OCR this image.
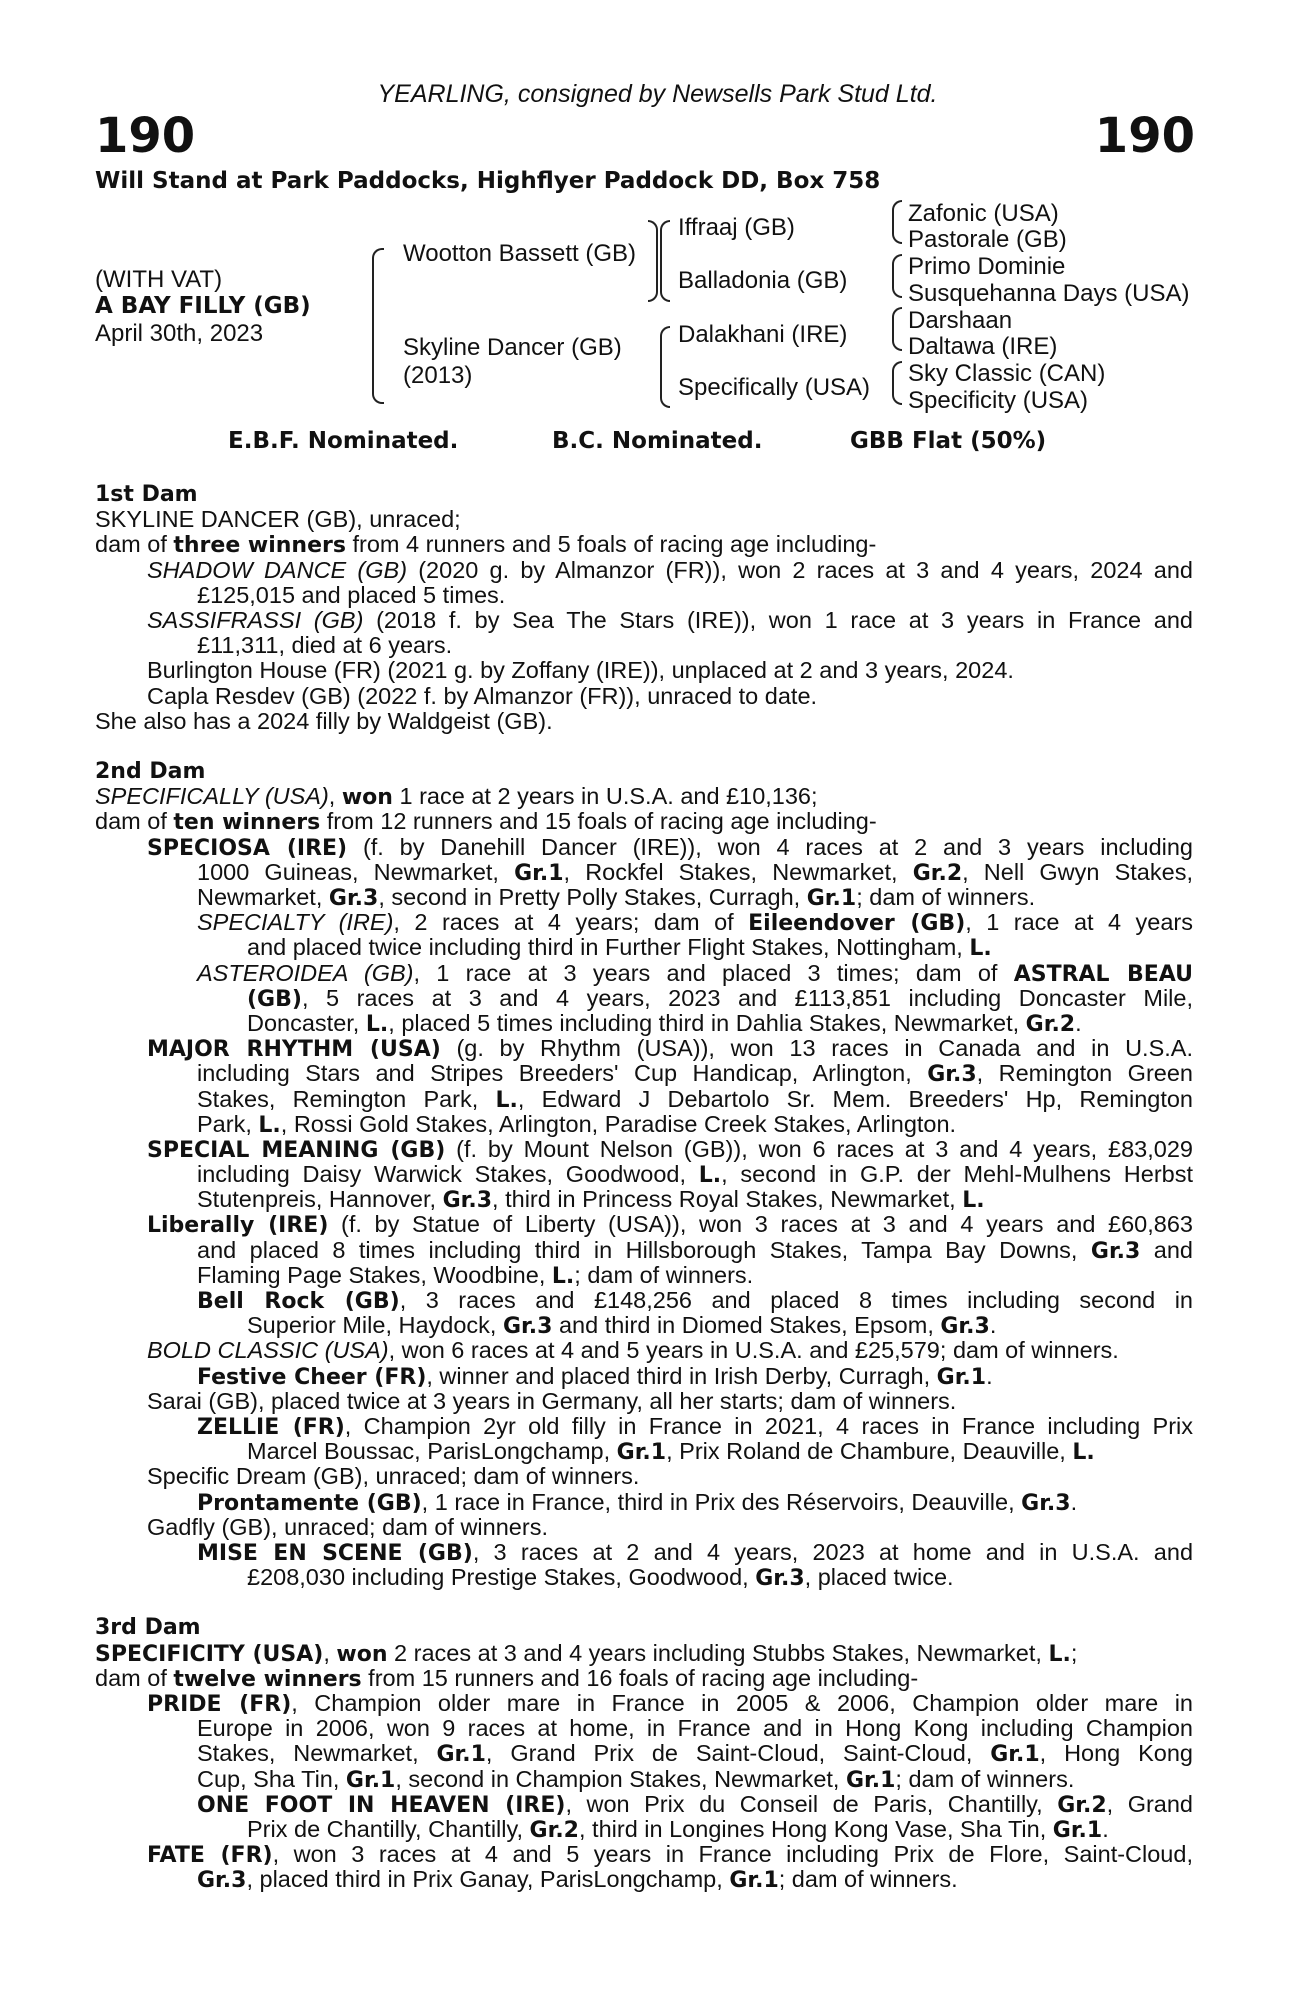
YEARLING, consigned by Newsells Park Stud Ltd.
190	190
Will Stand at Park Paddocks, Highflyer Paddock DD, Box 758
(WITH VAT)
A BAY FILLY (GB)
April 30th, 2023
Wootton Bassett (GB)
Skyline Dancer (GB)
(2013)
Iffraaj (GB)
Balladonia (GB)
Dalakhani (IRE)
Specifically (USA)
Zafonic (USA)
Pastorale (GB)
Primo Dominie
Susquehanna Days (USA)
Darshaan
Daltawa (IRE)
Sky Classic (CAN)
Specificity (USA)
E.B.F. Nominated.	B.C. Nominated.	GBB Flat (50%)
1st Dam
SKYLINE DANCER (GB), unraced;
dam of three winners from 4 runners and 5 foals of racing age including-
SHADOW DANCE (GB) (2020 g. by Almanzor (FR)), won 2 races at 3 and 4 years, 2024 and
£125,015 and placed 5 times.
SASSIFRASSI (GB) (2018 f. by Sea The Stars (IRE)), won 1 race at 3 years in France and
£11,311, died at 6 years.
Burlington House (FR) (2021 g. by Zoffany (IRE)), unplaced at 2 and 3 years, 2024.
Capla Resdev (GB) (2022 f. by Almanzor (FR)), unraced to date.
She also has a 2024 filly by Waldgeist (GB).
2nd Dam
SPECIFICALLY (USA), won 1 race at 2 years in U.S.A. and £10,136;
dam of ten winners from 12 runners and 15 foals of racing age including-
SPECIOSA (IRE) (f. by Danehill Dancer (IRE)), won 4 races at 2 and 3 years including
1000 Guineas, Newmarket, Gr.1, Rockfel Stakes, Newmarket, Gr.2, Nell Gwyn Stakes,
Newmarket, Gr.3, second in Pretty Polly Stakes, Curragh, Gr.1; dam of winners.
SPECIALTY (IRE), 2 races at 4 years; dam of Eileendover (GB), 1 race at 4 years
and placed twice including third in Further Flight Stakes, Nottingham, L.
ASTEROIDEA (GB), 1 race at 3 years and placed 3 times; dam of ASTRAL BEAU
(GB), 5 races at 3 and 4 years, 2023 and £113,851 including Doncaster Mile,
Doncaster, L., placed 5 times including third in Dahlia Stakes, Newmarket, Gr.2.
MAJOR RHYTHM (USA) (g. by Rhythm (USA)), won 13 races in Canada and in U.S.A.
including Stars and Stripes Breeders' Cup Handicap, Arlington, Gr.3, Remington Green
Stakes, Remington Park, L., Edward J Debartolo Sr. Mem. Breeders' Hp, Remington
Park, L., Rossi Gold Stakes, Arlington, Paradise Creek Stakes, Arlington.
SPECIAL MEANING (GB) (f. by Mount Nelson (GB)), won 6 races at 3 and 4 years, £83,029
including Daisy Warwick Stakes, Goodwood, L., second in G.P. der Mehl-Mulhens Herbst
Stutenpreis, Hannover, Gr.3, third in Princess Royal Stakes, Newmarket, L.
Liberally (IRE) (f. by Statue of Liberty (USA)), won 3 races at 3 and 4 years and £60,863
and placed 8 times including third in Hillsborough Stakes, Tampa Bay Downs, Gr.3 and
Flaming Page Stakes, Woodbine, L.; dam of winners.
Bell Rock (GB), 3 races and £148,256 and placed 8 times including second in
Superior Mile, Haydock, Gr.3 and third in Diomed Stakes, Epsom, Gr.3.
BOLD CLASSIC (USA), won 6 races at 4 and 5 years in U.S.A. and £25,579; dam of winners.
Festive Cheer (FR), winner and placed third in Irish Derby, Curragh, Gr.1.
Sarai (GB), placed twice at 3 years in Germany, all her starts; dam of winners.
ZELLIE (FR), Champion 2yr old filly in France in 2021, 4 races in France including Prix
Marcel Boussac, ParisLongchamp, Gr.1, Prix Roland de Chambure, Deauville, L.
Specific Dream (GB), unraced; dam of winners.
Prontamente (GB), 1 race in France, third in Prix des Réservoirs, Deauville, Gr.3.
Gadfly (GB), unraced; dam of winners.
MISE EN SCENE (GB), 3 races at 2 and 4 years, 2023 at home and in U.S.A. and
£208,030 including Prestige Stakes, Goodwood, Gr.3, placed twice.
3rd Dam
SPECIFICITY (USA), won 2 races at 3 and 4 years including Stubbs Stakes, Newmarket, L.;
dam of twelve winners from 15 runners and 16 foals of racing age including-
PRIDE (FR), Champion older mare in France in 2005 & 2006, Champion older mare in
Europe in 2006, won 9 races at home, in France and in Hong Kong including Champion
Stakes, Newmarket, Gr.1, Grand Prix de Saint-Cloud, Saint-Cloud, Gr.1, Hong Kong
Cup, Sha Tin, Gr.1, second in Champion Stakes, Newmarket, Gr.1; dam of winners.
ONE FOOT IN HEAVEN (IRE), won Prix du Conseil de Paris, Chantilly, Gr.2, Grand
Prix de Chantilly, Chantilly, Gr.2, third in Longines Hong Kong Vase, Sha Tin, Gr.1.
FATE (FR), won 3 races at 4 and 5 years in France including Prix de Flore, Saint-Cloud,
Gr.3, placed third in Prix Ganay, ParisLongchamp, Gr.1; dam of winners.
